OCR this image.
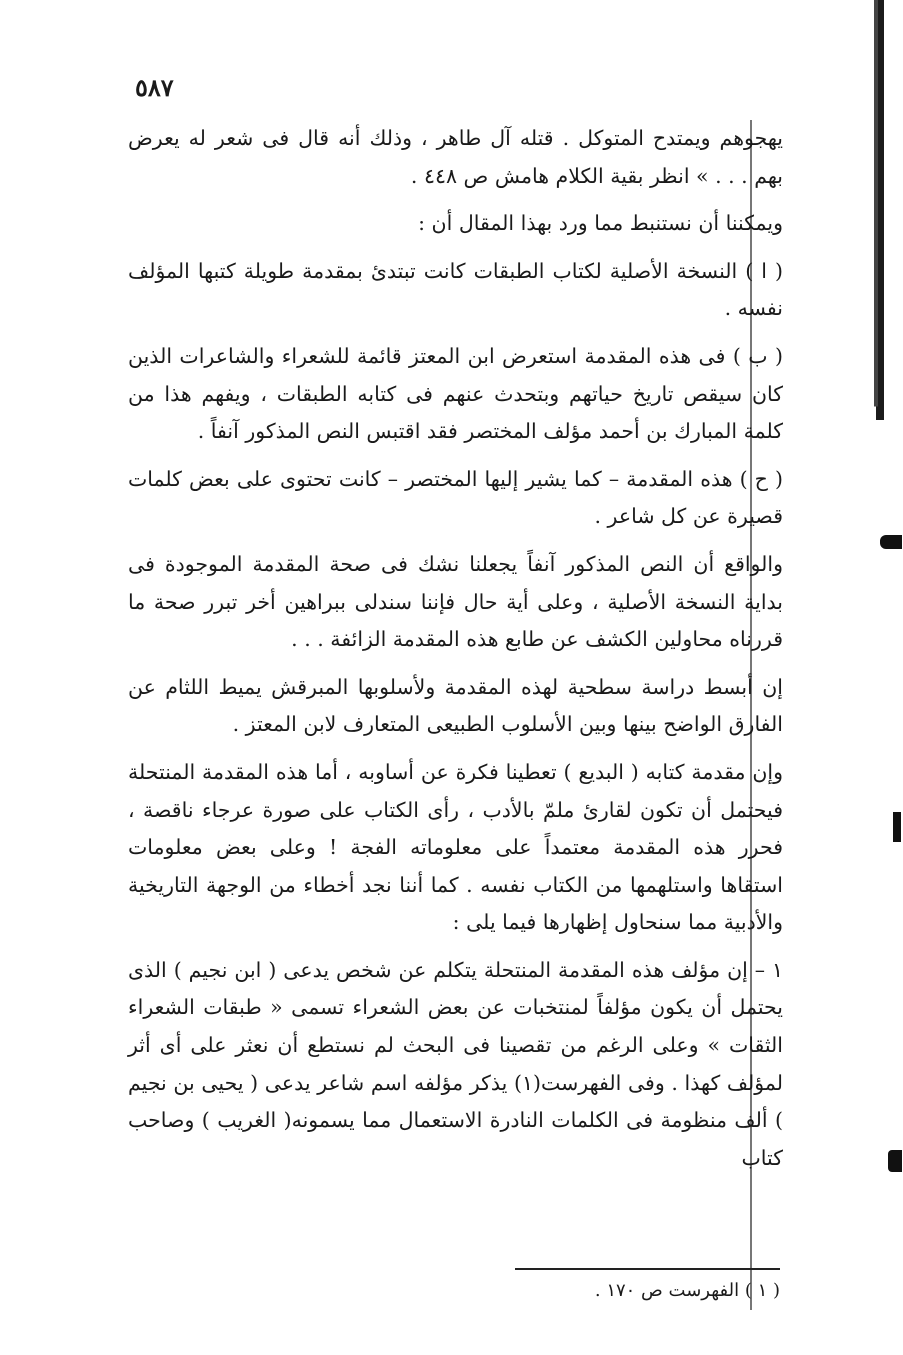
٥٨٧

يهجوهم ويمتدح المتوكل . قتله آل طاهر ، وذلك أنه قال فى شعر له يعرض بهم . . . » انظر بقية الكلام هامش ص ٤٤٨ .

ويمكننا أن نستنبط مما ورد بهذا المقال أن :

( ا ) النسخة الأصلية لكتاب الطبقات كانت تبتدئ بمقدمة طويلة كتبها المؤلف نفسه .

( ب ) فى هذه المقدمة استعرض ابن المعتز قائمة للشعراء والشاعرات الذين كان سيقص تاريخ حياتهم وبتحدث عنهم فى كتابه الطبقات ، ويفهم هذا من كلمة المبارك بن أحمد مؤلف المختصر فقد اقتبس النص المذكور آنفاً .

( ح ) هذه المقدمة – كما يشير إليها المختصر – كانت تحتوى على بعض كلمات قصيرة عن كل شاعر .

والواقع أن النص المذكور آنفاً يجعلنا نشك فى صحة المقدمة الموجودة فى بداية النسخة الأصلية ، وعلى أية حال فإننا سندلى ببراهين أخر تبرر صحة ما قررناه محاولين الكشف عن طابع هذه المقدمة الزائفة . . .

إن أبسط دراسة سطحية لهذه المقدمة ولأسلوبها المبرقش يميط اللثام عن الفارق الواضح بينها وبين الأسلوب الطبيعى المتعارف لابن المعتز .

وإن مقدمة كتابه ( البديع ) تعطينا فكرة عن أساوبه ، أما هذه المقدمة المنتحلة فيحتمل أن تكون لقارئ ملمّ بالأدب ، رأى الكتاب على صورة عرجاء ناقصة ، فحرر هذه المقدمة معتمداً على معلوماته الفجة ! وعلى بعض معلومات استقاها واستلهمها من الكتاب نفسه . كما أننا نجد أخطاء من الوجهة التاريخية والأدبية مما سنحاول إظهارها فيما يلى :

١ – إن مؤلف هذه المقدمة المنتحلة يتكلم عن شخص يدعى ( ابن نجيم ) الذى يحتمل أن يكون مؤلفاً لمنتخبات عن بعض الشعراء تسمى « طبقات الشعراء الثقات » وعلى الرغم من تقصينا فى البحث لم نستطع أن نعثر على أى أثر لمؤلف كهذا . وفى الفهرست(١) يذكر مؤلفه اسم شاعر يدعى ( يحيى بن نجيم ) ألف منظومة فى الكلمات النادرة الاستعمال مما يسمونه( الغريب ) وصاحب كتاب

( ١ ) الفهرست ص ١٧٠ .
